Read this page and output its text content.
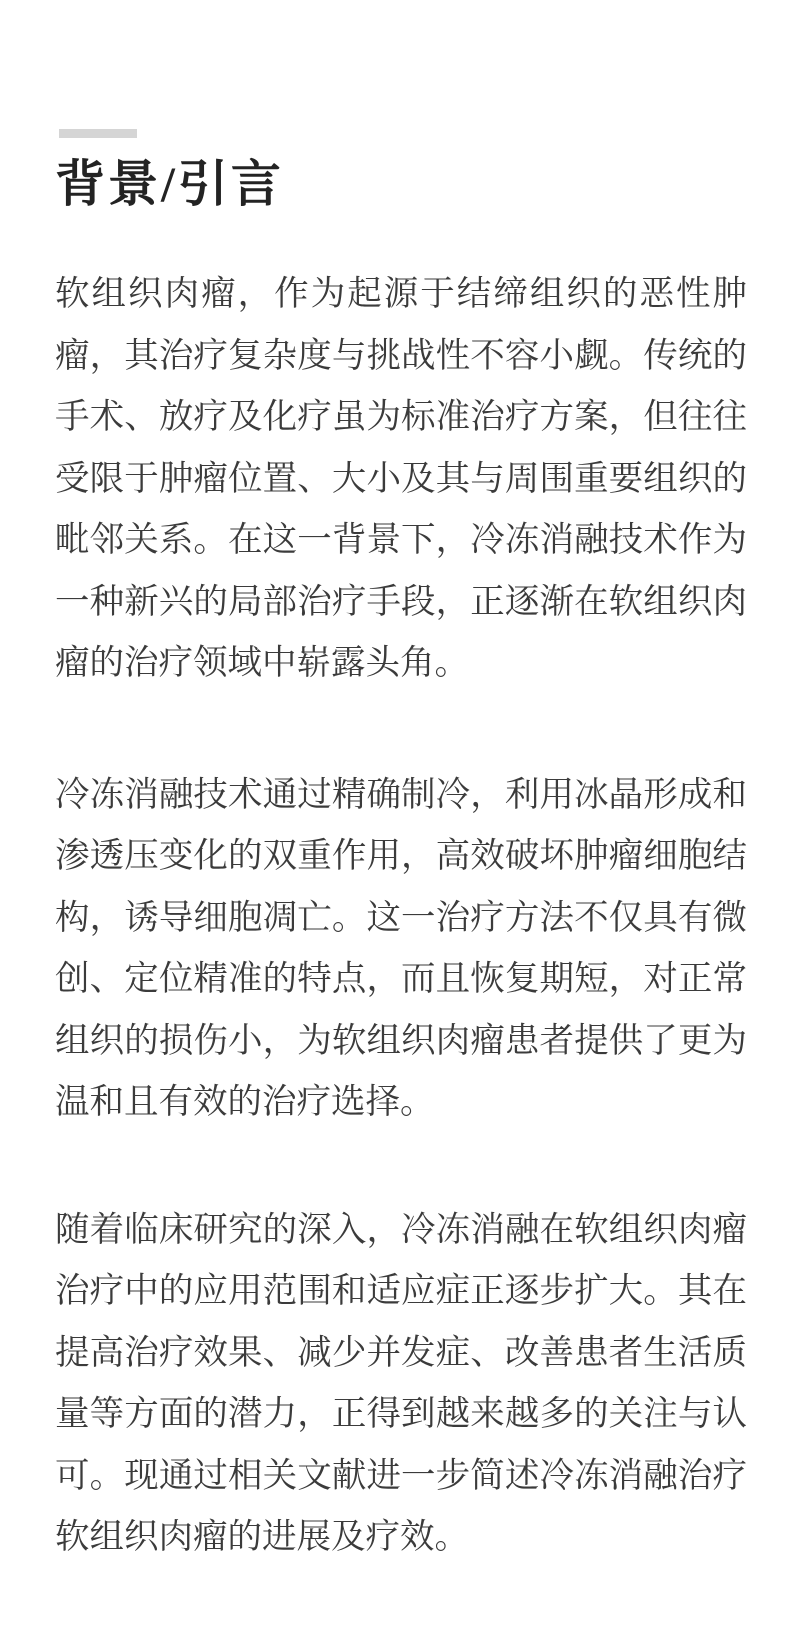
背景/引言
软组织肉瘤，作为起源于结缔组织的恶性肿
瘤，其治疗复杂度与挑战性不容小觑。传统的
手术、放疗及化疗虽为标准治疗方案，但往往
受限于肿瘤位置、大小及其与周围重要组织的
毗邻关系。在这一背景下，冷冻消融技术作为
一种新兴的局部治疗手段，正逐渐在软组织肉
瘤的治疗领域中崭露头角。
冷冻消融技术通过精确制冷，利用冰晶形成和
渗透压变化的双重作用，高效破坏肿瘤细胞结
构，诱导细胞凋亡。这一治疗方法不仅具有微
创、定位精准的特点，而且恢复期短，对正常
组织的损伤小，为软组织肉瘤患者提供了更为
温和且有效的治疗选择。
随着临床研究的深入，冷冻消融在软组织肉瘤
治疗中的应用范围和适应症正逐步扩大。其在
提高治疗效果、减少并发症、改善患者生活质
量等方面的潜力，正得到越来越多的关注与认
可。现通过相关文献进一步简述冷冻消融治疗
软组织肉瘤的进展及疗效。
